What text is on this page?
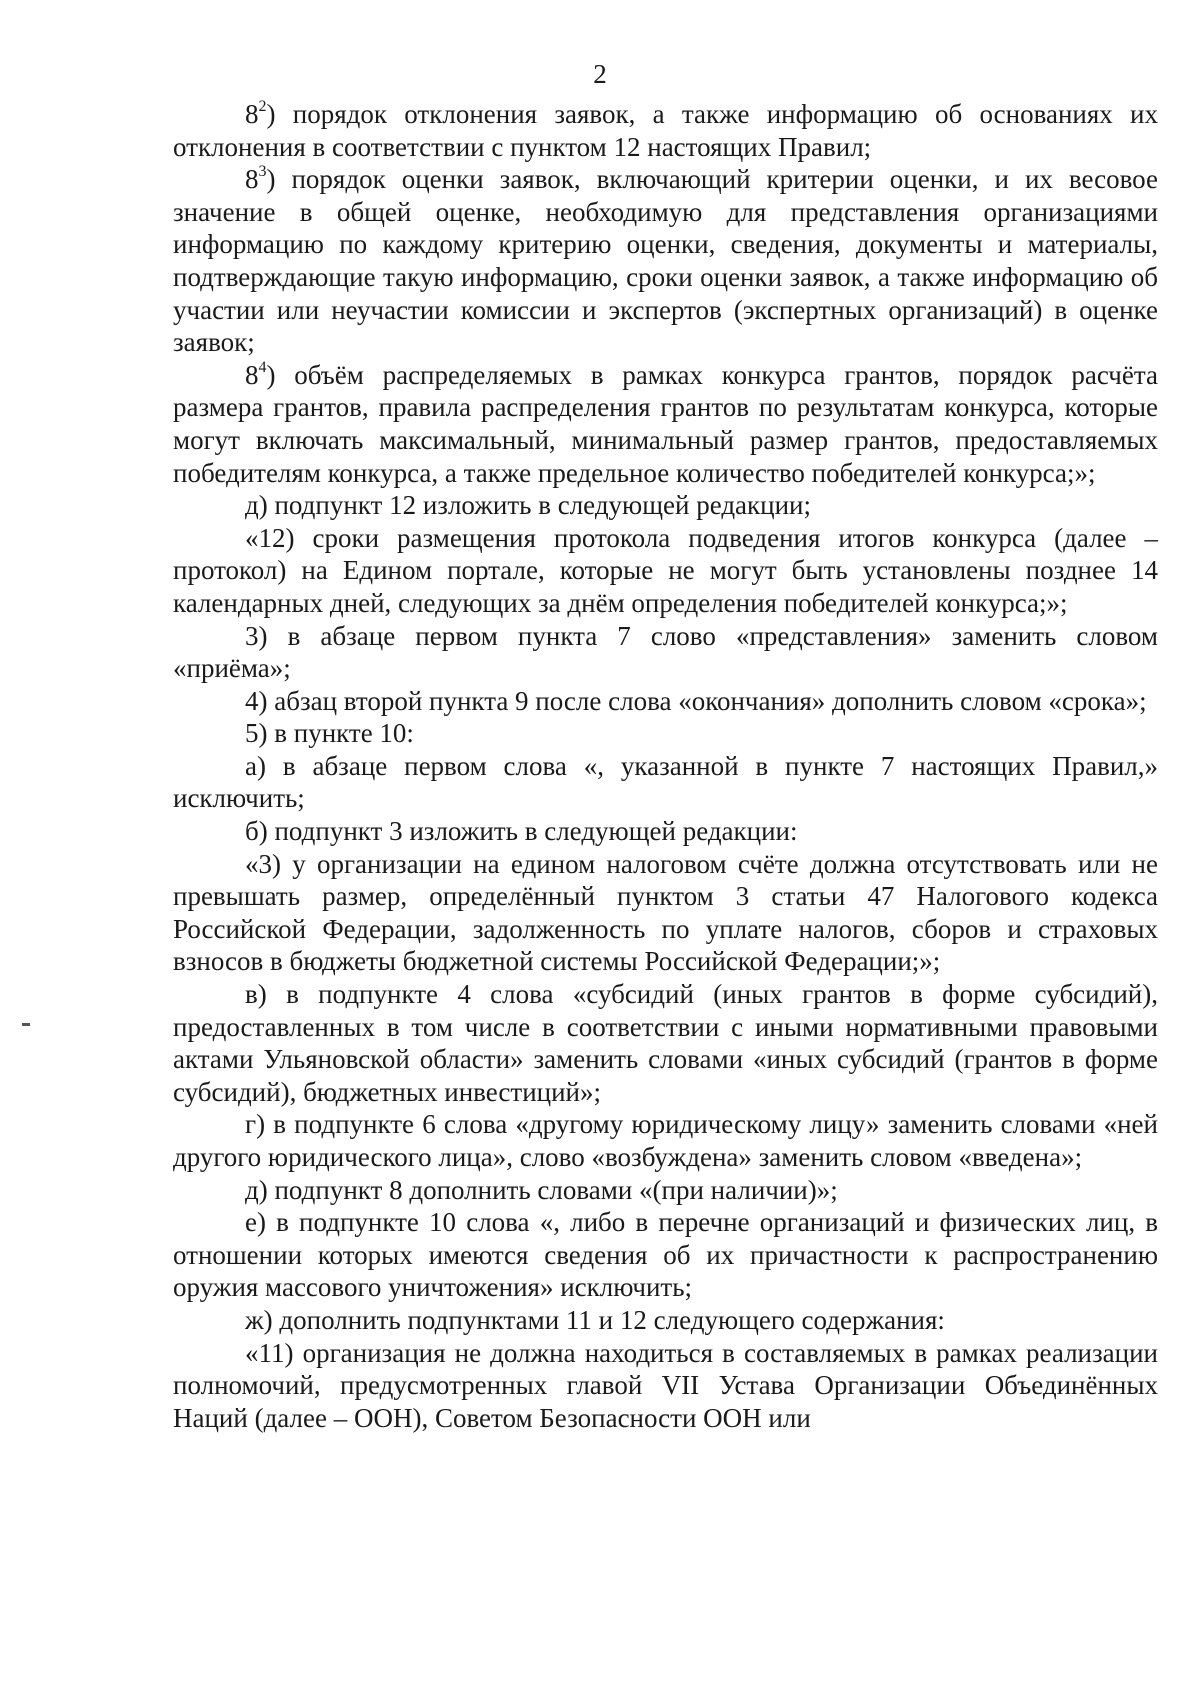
2

$8^2$) порядок отклонения заявок, а также информацию об основаниях их отклонения в соответствии с пунктом 12 настоящих Правил;

$8^3$) порядок оценки заявок, включающий критерии оценки, и их весовое значение в общей оценке, необходимую для представления организациями информацию по каждому критерию оценки, сведения, документы и материалы, подтверждающие такую информацию, сроки оценки заявок, а также информацию об участии или неучастии комиссии и экспертов (экспертных организаций) в оценке заявок;

$8^4$) объём распределяемых в рамках конкурса грантов, порядок расчёта размера грантов, правила распределения грантов по результатам конкурса, которые могут включать максимальный, минимальный размер грантов, предоставляемых победителям конкурса, а также предельное количество победителей конкурса;»;

д) подпункт 12 изложить в следующей редакции;

«12) сроки размещения протокола подведения итогов конкурса (далее – протокол) на Едином портале, которые не могут быть установлены позднее 14 календарных дней, следующих за днём определения победителей конкурса;»;

3) в абзаце первом пункта 7 слово «представления» заменить словом «приёма»;

4) абзац второй пункта 9 после слова «окончания» дополнить словом «срока»;

5) в пункте 10:

а) в абзаце первом слова «, указанной в пункте 7 настоящих Правил,» исключить;

б) подпункт 3 изложить в следующей редакции:

«3) у организации на едином налоговом счёте должна отсутствовать или не превышать размер, определённый пунктом 3 статьи 47 Налогового кодекса Российской Федерации, задолженность по уплате налогов, сборов и страховых взносов в бюджеты бюджетной системы Российской Федерации;»;

в) в подпункте 4 слова «субсидий (иных грантов в форме субсидий), предоставленных в том числе в соответствии с иными нормативными правовыми актами Ульяновской области» заменить словами «иных субсидий (грантов в форме субсидий), бюджетных инвестиций»;

г) в подпункте 6 слова «другому юридическому лицу» заменить словами «ней другого юридического лица», слово «возбуждена» заменить словом «введена»;

д) подпункт 8 дополнить словами «(при наличии)»;

е) в подпункте 10 слова «, либо в перечне организаций и физических лиц, в отношении которых имеются сведения об их причастности к распространению оружия массового уничтожения» исключить;

ж) дополнить подпунктами 11 и 12 следующего содержания:

«11) организация не должна находиться в составляемых в рамках реализации полномочий, предусмотренных главой VII Устава Организации Объединённых Наций (далее – ООН), Советом Безопасности ООН или
